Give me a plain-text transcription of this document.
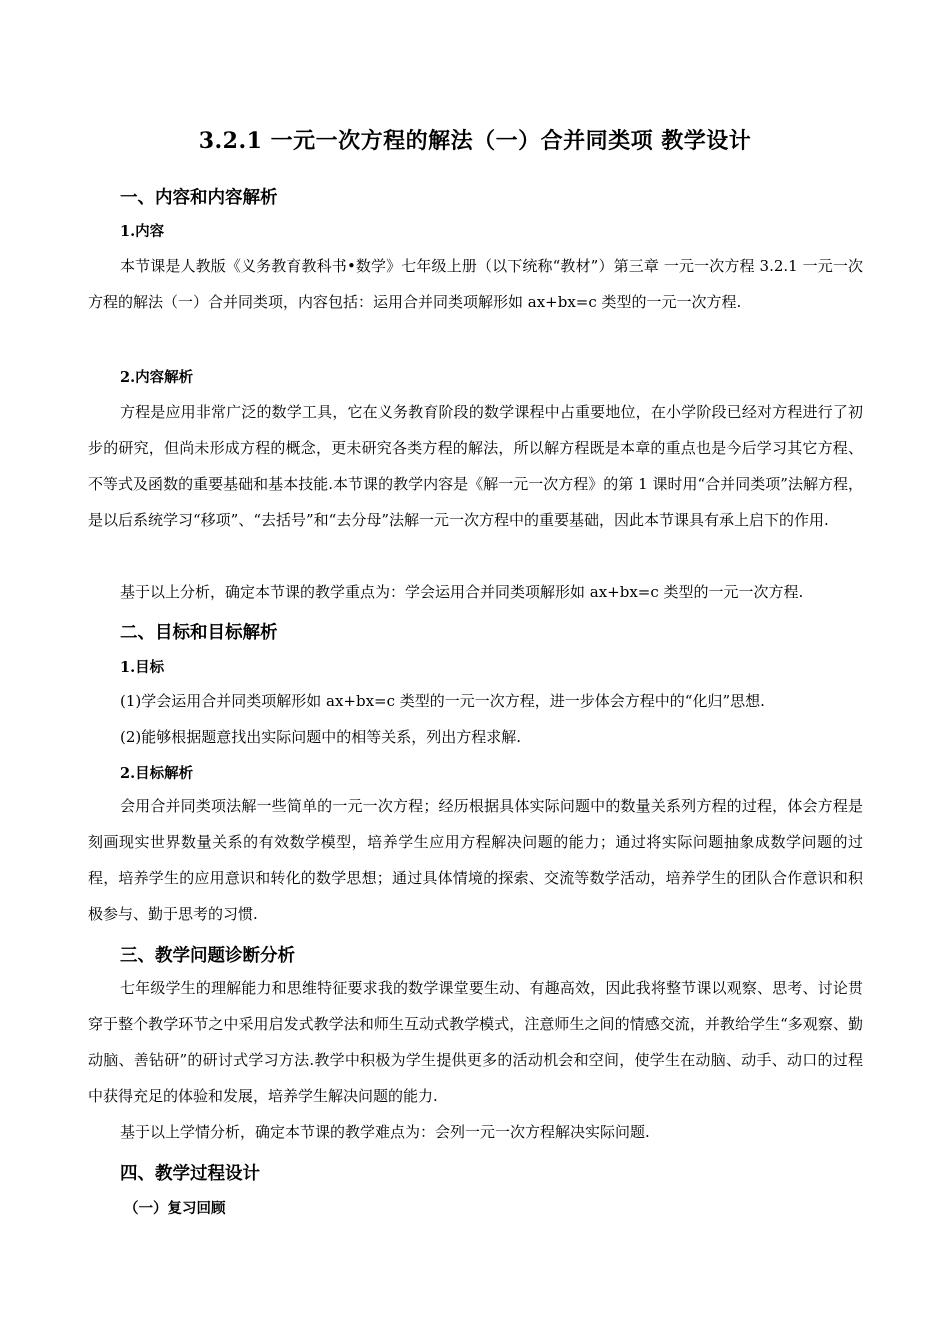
3.2.1 一元一次方程的解法（一）合并同类项 教学设计
一、内容和内容解析
1.内容
本节课是人教版《义务教育教科书•数学》七年级上册（以下统称“教材”）第三章 一元一次方程 3.2.1 一元一次方程的解法（一）合并同类项，内容包括：运用合并同类项解形如 ax+bx=c 类型的一元一次方程.
2.内容解析
方程是应用非常广泛的数学工具，它在义务教育阶段的数学课程中占重要地位，在小学阶段已经对方程进行了初步的研究，但尚未形成方程的概念，更未研究各类方程的解法，所以解方程既是本章的重点也是今后学习其它方程、不等式及函数的重要基础和基本技能.本节课的教学内容是《解一元一次方程》的第 1 课时用“合并同类项”法解方程，是以后系统学习“移项”、“去括号”和“去分母”法解一元一次方程中的重要基础，因此本节课具有承上启下的作用.
基于以上分析，确定本节课的教学重点为：学会运用合并同类项解形如 ax+bx=c 类型的一元一次方程.
二、目标和目标解析
1.目标
(1)学会运用合并同类项解形如 ax+bx=c 类型的一元一次方程，进一步体会方程中的“化归”思想.
(2)能够根据题意找出实际问题中的相等关系，列出方程求解.
2.目标解析
会用合并同类项法解一些简单的一元一次方程；经历根据具体实际问题中的数量关系列方程的过程，体会方程是刻画现实世界数量关系的有效数学模型，培养学生应用方程解决问题的能力；通过将实际问题抽象成数学问题的过程，培养学生的应用意识和转化的数学思想；通过具体情境的探索、交流等数学活动，培养学生的团队合作意识和积极参与、勤于思考的习惯.
三、教学问题诊断分析
七年级学生的理解能力和思维特征要求我的数学课堂要生动、有趣高效，因此我将整节课以观察、思考、讨论贯穿于整个教学环节之中采用启发式教学法和师生互动式教学模式，注意师生之间的情感交流，并教给学生“多观察、勤动脑、善钻研”的研讨式学习方法.教学中积极为学生提供更多的活动机会和空间，使学生在动脑、动手、动口的过程中获得充足的体验和发展，培养学生解决问题的能力.
基于以上学情分析，确定本节课的教学难点为：会列一元一次方程解决实际问题.
四、教学过程设计
（一）复习回顾
